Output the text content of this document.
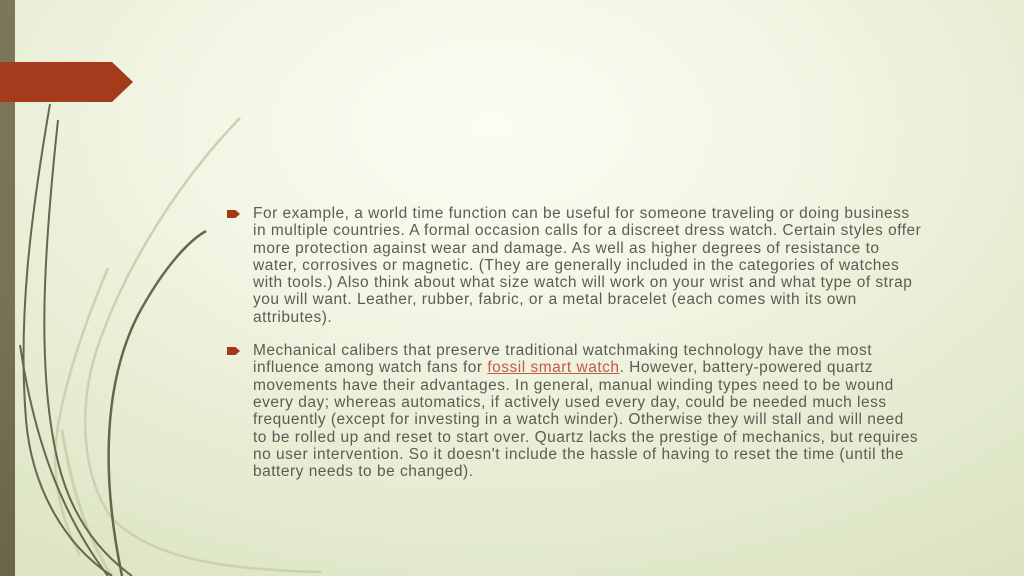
For example, a world time function can be useful for someone traveling or doing business
in multiple countries. A formal occasion calls for a discreet dress watch. Certain styles offer
more protection against wear and damage. As well as higher degrees of resistance to
water, corrosives or magnetic. (They are generally included in the categories of watches
with tools.) Also think about what size watch will work on your wrist and what type of strap
you will want. Leather, rubber, fabric, or a metal bracelet (each comes with its own
attributes).
Mechanical calibers that preserve traditional watchmaking technology have the most
influence among watch fans for fossil smart watch. However, battery-powered quartz
movements have their advantages. In general, manual winding types need to be wound
every day; whereas automatics, if actively used every day, could be needed much less
frequently (except for investing in a watch winder). Otherwise they will stall and will need
to be rolled up and reset to start over. Quartz lacks the prestige of mechanics, but requires
no user intervention. So it doesn't include the hassle of having to reset the time (until the
battery needs to be changed).
